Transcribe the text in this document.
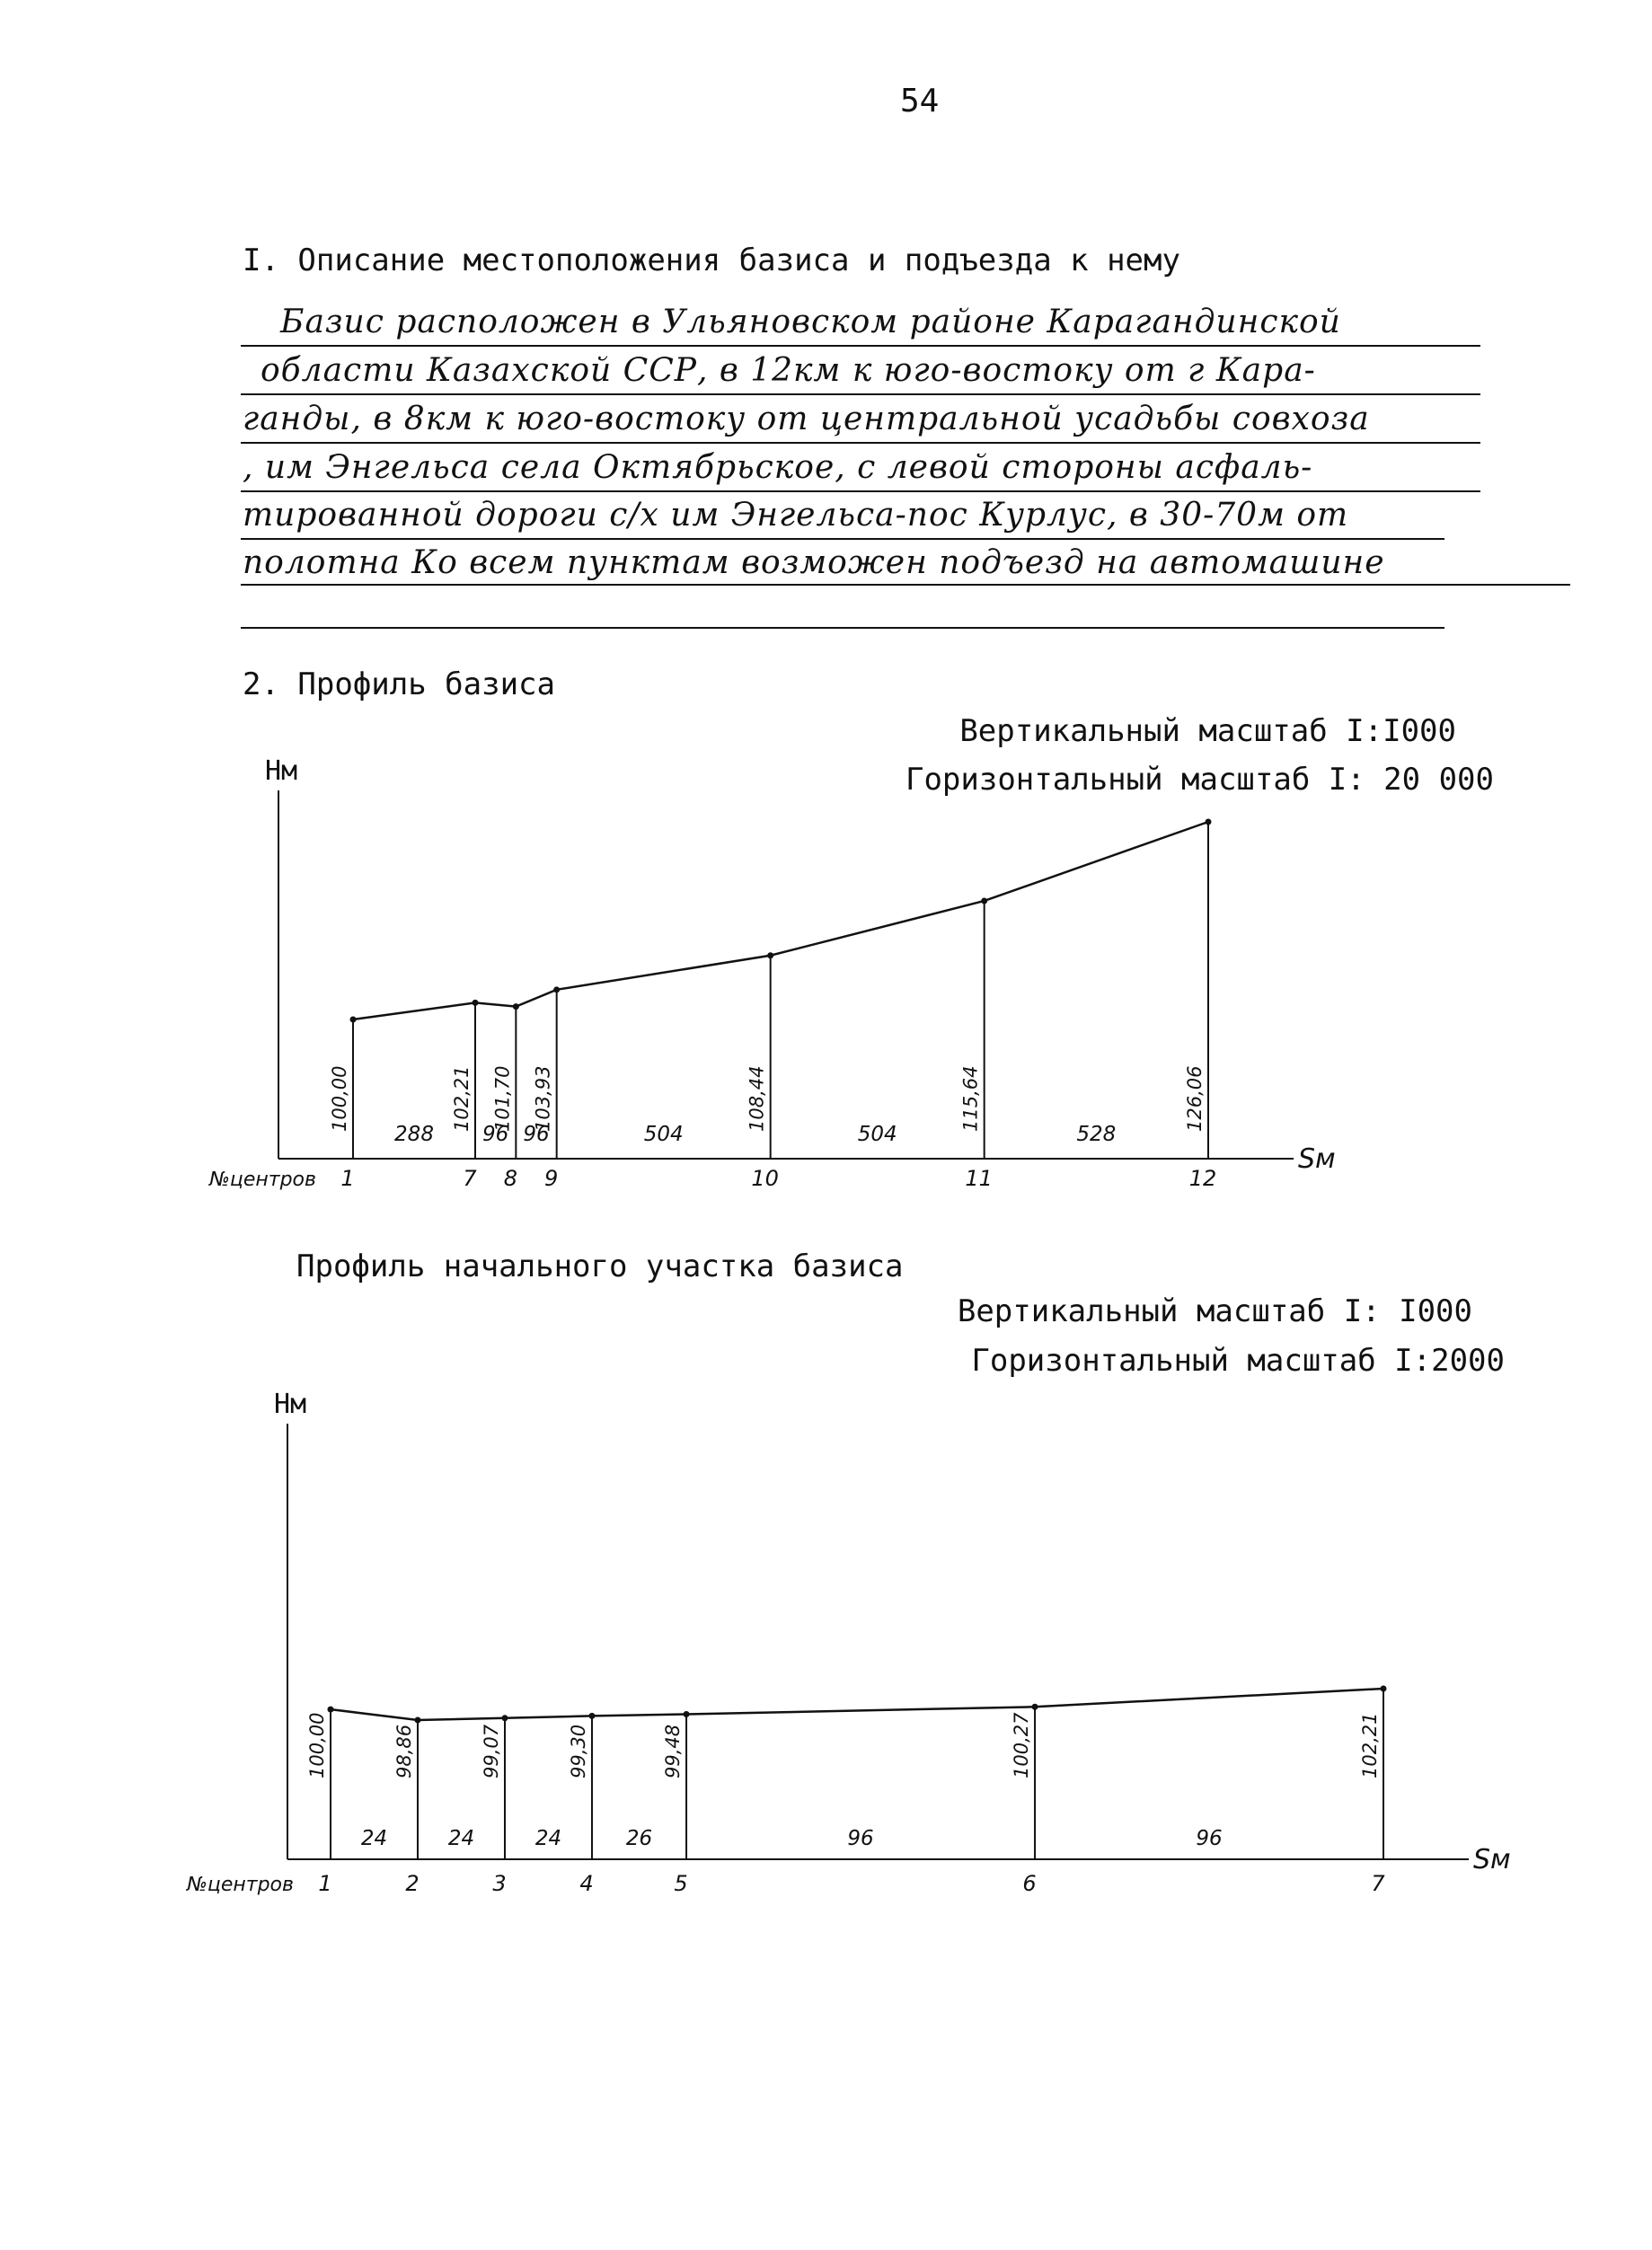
54
I. Описание местоположения базиса и подъезда к нему
Базис расположен в Ульяновском районе Карагандинской
области Казахской ССР, в 12км к юго-востоку от г Кара-
ганды, в 8км к юго-востоку от центральной усадьбы совхоза
, им Энгельса села Октябрьское, с левой стороны асфаль-
тированной дороги с/х им Энгельса-пос Курлус, в 30-70м от
полотна Ко всем пунктам возможен подъезд на автомашине
2. Профиль базиса
Вертикальный масштаб I:I000
Горизонтальный масштаб I: 20 000
Профиль начального участка базиса
Вертикальный масштаб I: I000
Горизонтальный масштаб I:2000
Hм
Sм
100,00
1
102,21
7
101,70
8
103,93
9
108,44
10
115,64
11
126,06
12
288 96 96	504	504	528
№центров
Hм
Sм
100,00
1
98,86
2
99,07
3
99,30
4
99,48
5
100,27
6
102,21
7
24	24	24	26	96	96
№центров
